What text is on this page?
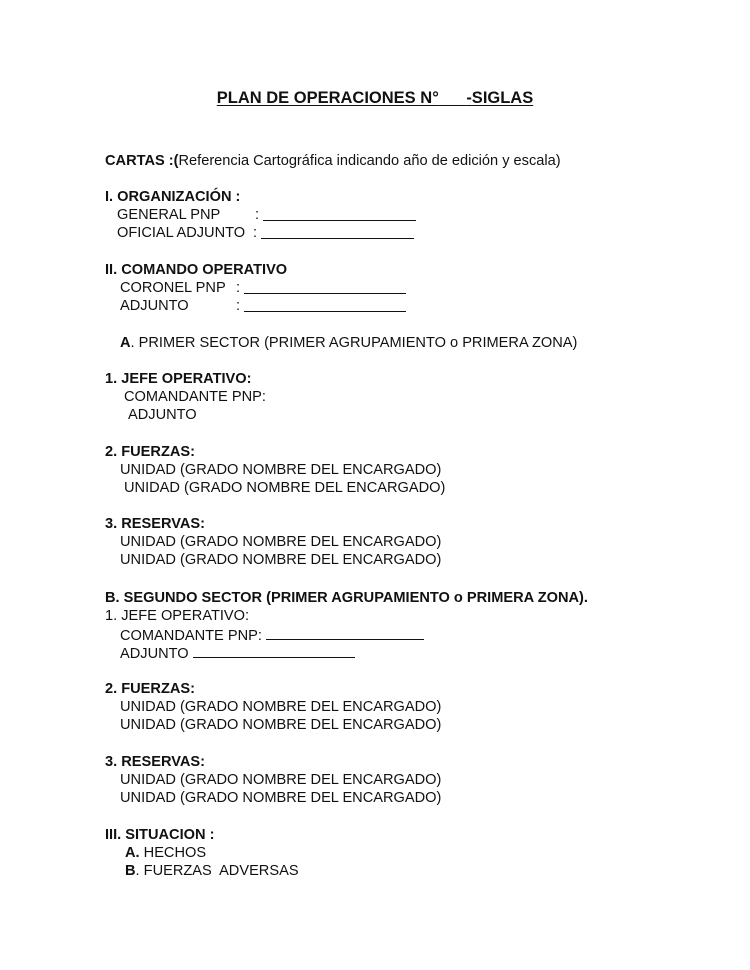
PLAN DE OPERACIONES N° -SIGLAS
CARTAS :(Referencia Cartográfica indicando año de edición y escala)
I. ORGANIZACIÓN :
GENERAL PNP :
OFICIAL ADJUNTO :
II. COMANDO OPERATIVO
CORONEL PNP :
ADJUNTO	:
A. PRIMER SECTOR (PRIMER AGRUPAMIENTO o PRIMERA ZONA)
1. JEFE OPERATIVO:
COMANDANTE PNP:
ADJUNTO
2. FUERZAS:
UNIDAD (GRADO NOMBRE DEL ENCARGADO)
UNIDAD (GRADO NOMBRE DEL ENCARGADO)
3. RESERVAS:
UNIDAD (GRADO NOMBRE DEL ENCARGADO)
UNIDAD (GRADO NOMBRE DEL ENCARGADO)
B. SEGUNDO SECTOR (PRIMER AGRUPAMIENTO o PRIMERA ZONA).
1. JEFE OPERATIVO:
COMANDANTE PNP:
ADJUNTO
2. FUERZAS:
UNIDAD (GRADO NOMBRE DEL ENCARGADO)
UNIDAD (GRADO NOMBRE DEL ENCARGADO)
3. RESERVAS:
UNIDAD (GRADO NOMBRE DEL ENCARGADO)
UNIDAD (GRADO NOMBRE DEL ENCARGADO)
III. SITUACION :
A. HECHOS
B. FUERZAS  ADVERSAS
